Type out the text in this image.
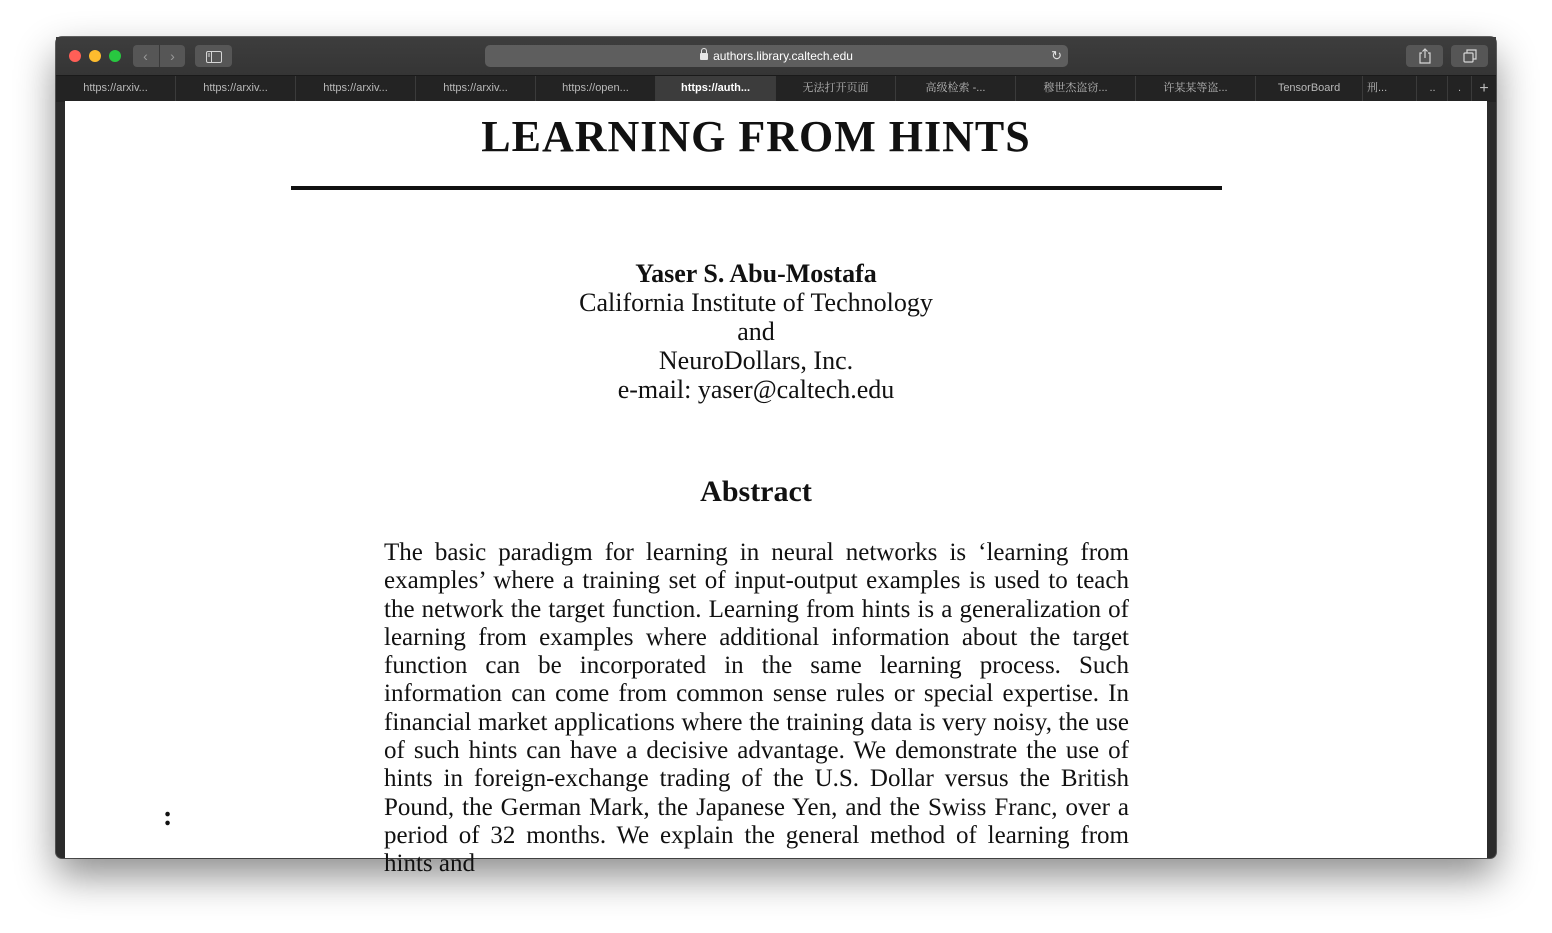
‹	›	authors.library.caltech.edu	↻
https://arxiv...	https://arxiv...	https://arxiv...	https://arxiv...	https://open...	https://auth...	无法打开页面	高级检索 -...	穆世杰盗窃...	许某某等盗...	TensorBoard	刑...	..	.	+
LEARNING FROM HINTS
Yaser S. Abu-Mostafa
California Institute of Technology
and
NeuroDollars, Inc.
e-mail: yaser@caltech.edu
Abstract
The basic paradigm for learning in neural networks is ‘learning from examples’ where a training set of input-output examples is used to teach the network the target function. Learning from hints is a generalization of learning from examples where additional information about the target function can be incorporated in the same learning process. Such information can come from common sense rules or special expertise. In financial market applications where the training data is very noisy, the use of such hints can have a decisive advantage. We demonstrate the use of hints in foreign-exchange trading of the U.S. Dollar versus the British Pound, the German Mark, the Japanese Yen, and the Swiss Franc, over a period of 32 months. We explain the general method of learning from hints and
:
